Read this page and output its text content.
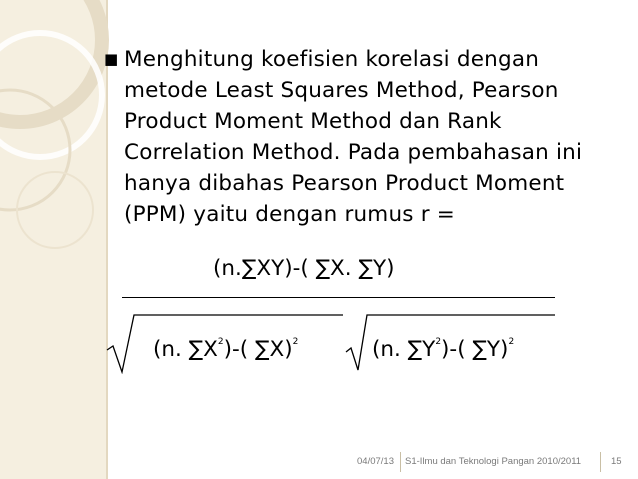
■ Menghitung koefisien korelasi dengan
metode Least Squares Method, Pearson
Product Moment Method dan Rank
Correlation Method. Pada pembahasan ini
hanya dibahas Pearson Product Moment
(PPM) yaitu dengan rumus r =
(n.∑XY)-( ∑X. ∑Y)
(n. $\sum X^2)-$( ∑X)$^2$	(n. $\sum Y^2)-$( ∑Y)$^2$
04/07/13 S1-Ilmu dan Teknologi Pangan 2010/2011	15
